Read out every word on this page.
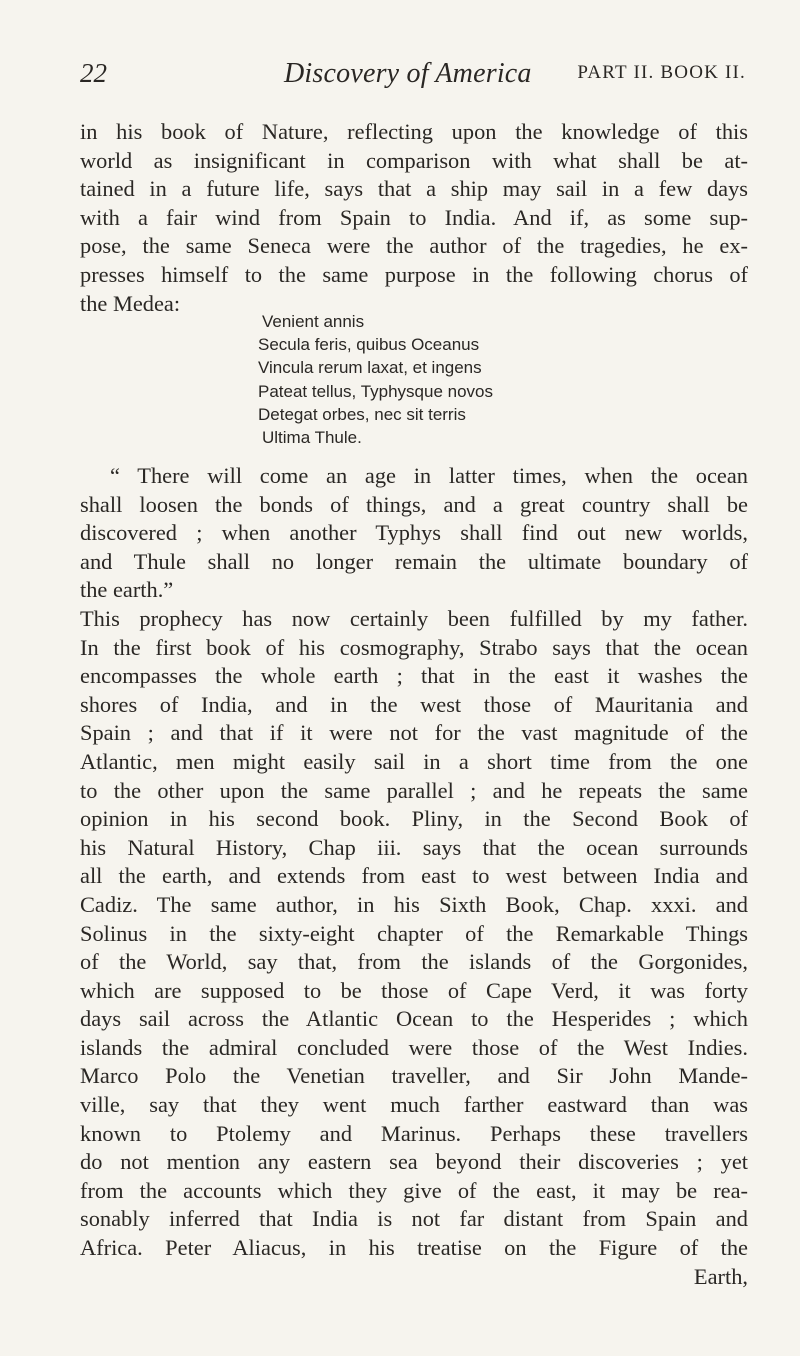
22	Discovery of America PART II. BOOK II.
in his book of Nature, reflecting upon the knowledge of this
world as insignificant in comparison with what shall be at-
tained in a future life, says that a ship may sail in a few days
with a fair wind from Spain to India. And if, as some sup-
pose, the same Seneca were the author of the tragedies, he ex-
presses himself to the same purpose in the following chorus of
the Medea:
Venient annis
Secula feris, quibus Oceanus
Vincula rerum laxat, et ingens
Pateat tellus, Typhysque novos
Detegat orbes, nec sit terris
Ultima Thule.
“ There will come an age in latter times, when the ocean
shall loosen the bonds of things, and a great country shall be
discovered ; when another Typhys shall find out new worlds,
and Thule shall no longer remain the ultimate boundary of
the earth.”
This prophecy has now certainly been fulfilled by my father.
In the first book of his cosmography, Strabo says that the ocean
encompasses the whole earth ; that in the east it washes the
shores of India, and in the west those of Mauritania and
Spain ; and that if it were not for the vast magnitude of the
Atlantic, men might easily sail in a short time from the one
to the other upon the same parallel ; and he repeats the same
opinion in his second book. Pliny, in the Second Book of
his Natural History, Chap iii. says that the ocean surrounds
all the earth, and extends from east to west between India and
Cadiz. The same author, in his Sixth Book, Chap. xxxi. and
Solinus in the sixty-eight chapter of the Remarkable Things
of the World, say that, from the islands of the Gorgonides,
which are supposed to be those of Cape Verd, it was forty
days sail across the Atlantic Ocean to the Hesperides ; which
islands the admiral concluded were those of the West Indies.
Marco Polo the Venetian traveller, and Sir John Mande-
ville, say that they went much farther eastward than was
known to Ptolemy and Marinus. Perhaps these travellers
do not mention any eastern sea beyond their discoveries ; yet
from the accounts which they give of the east, it may be rea-
sonably inferred that India is not far distant from Spain and
Africa. Peter Aliacus, in his treatise on the Figure of the
Earth,
